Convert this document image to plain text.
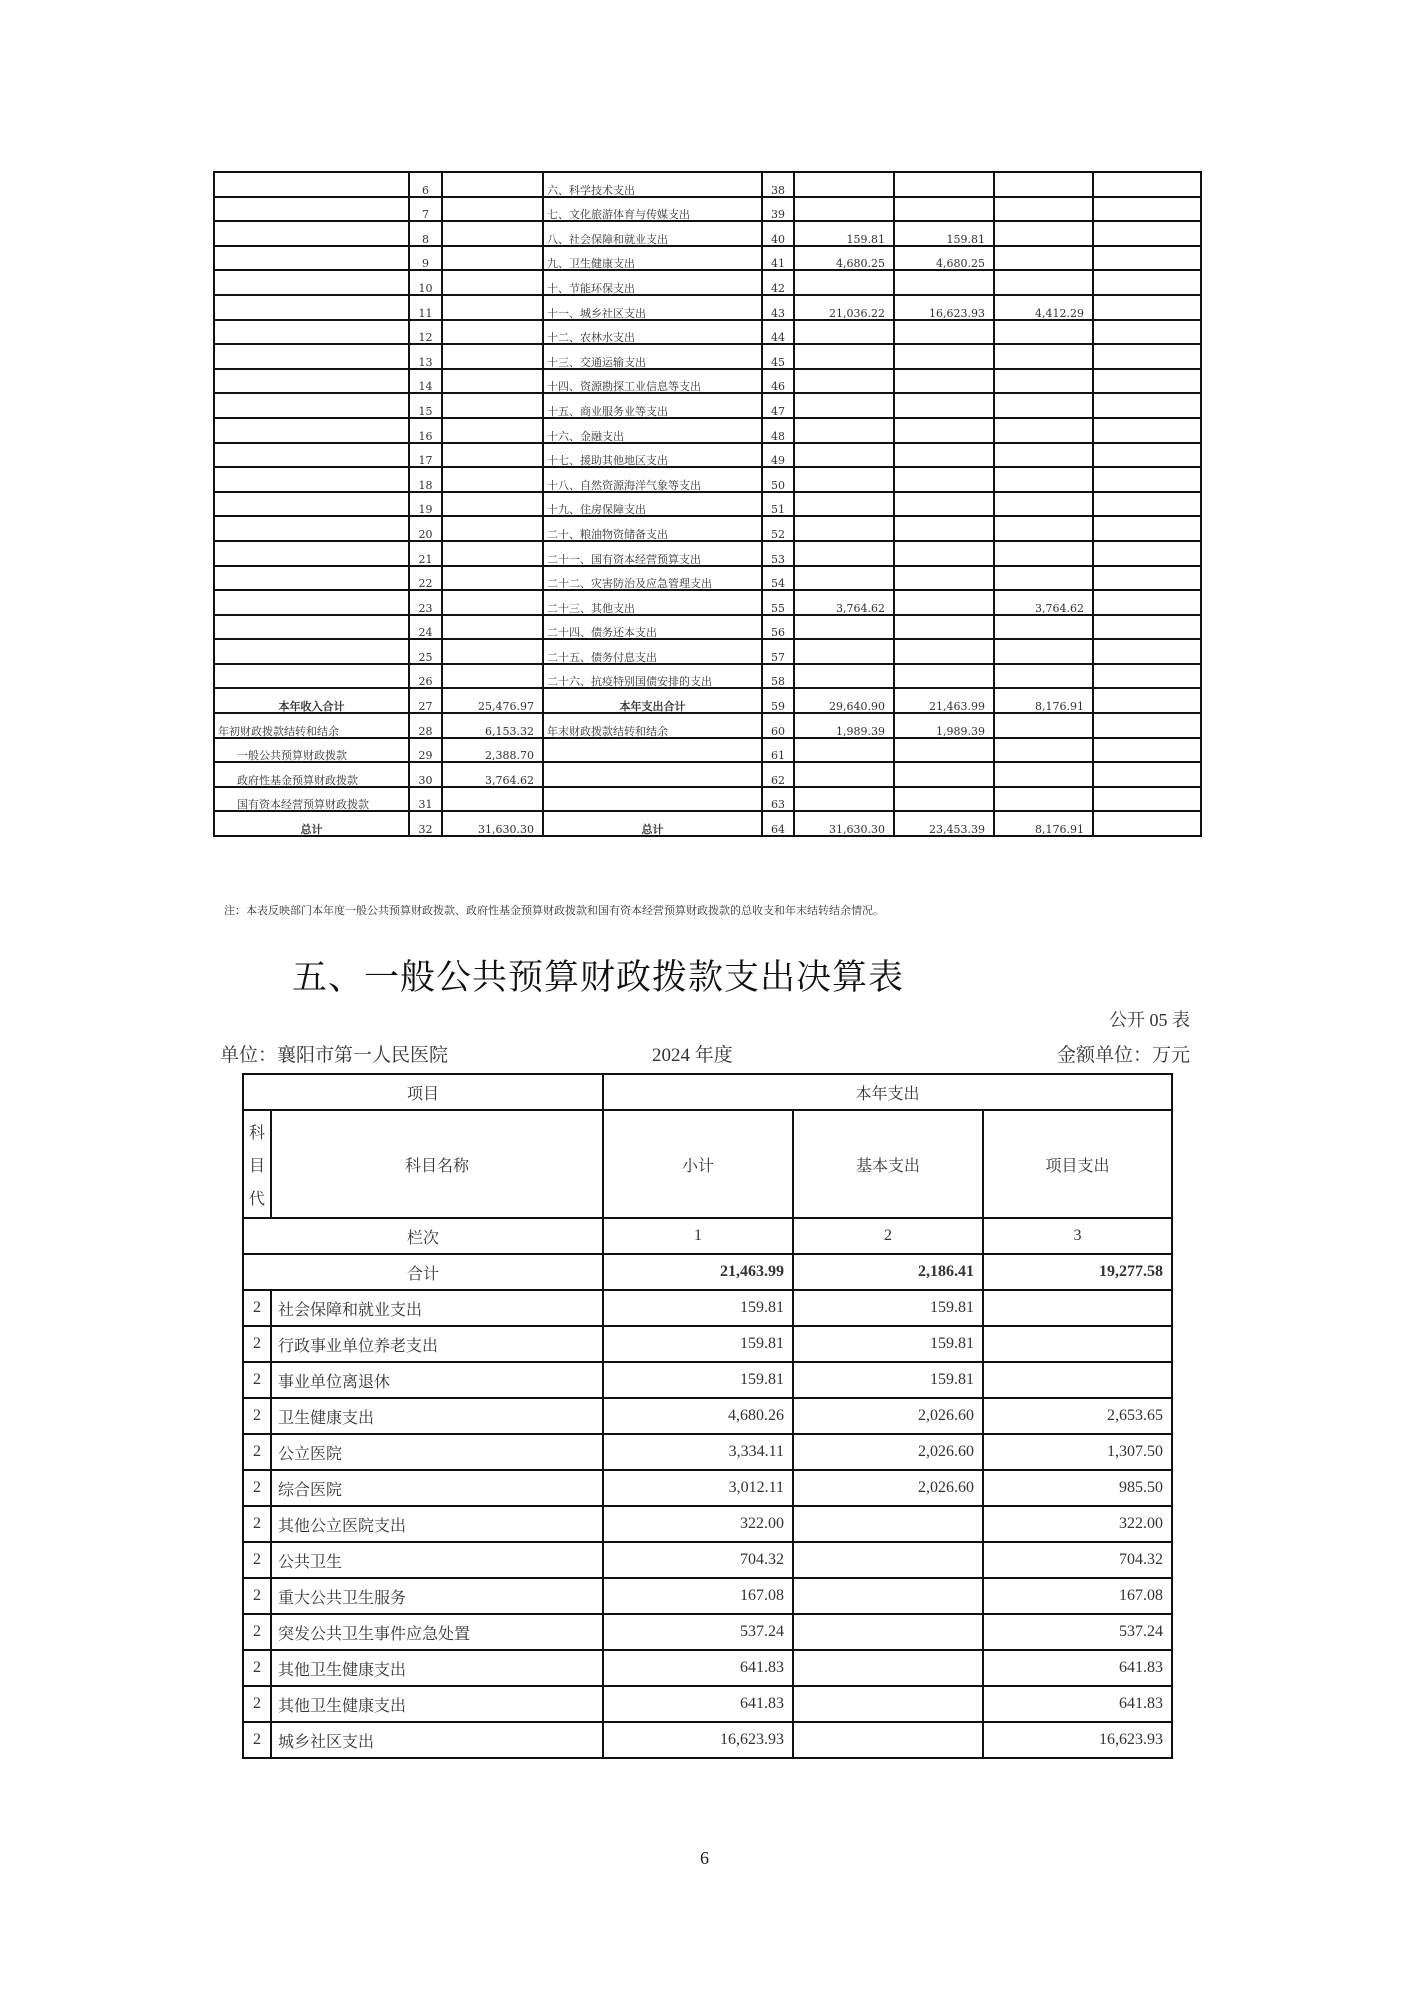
	6		六、科学技术支出	38				
	7		七、文化旅游体育与传媒支出	39				
	8		八、社会保障和就业支出	40	159.81	159.81		
	9		九、卫生健康支出	41	4,680.25	4,680.25		
	10		十、节能环保支出	42				
	11		十一、城乡社区支出	43	21,036.22	16,623.93	4,412.29	
	12		十二、农林水支出	44				
	13		十三、交通运输支出	45				
	14		十四、资源勘探工业信息等支出	46				
	15		十五、商业服务业等支出	47				
	16		十六、金融支出	48				
	17		十七、援助其他地区支出	49				
	18		十八、自然资源海洋气象等支出	50				
	19		十九、住房保障支出	51				
	20		二十、粮油物资储备支出	52				
	21		二十一、国有资本经营预算支出	53				
	22		二十二、灾害防治及应急管理支出	54				
	23		二十三、其他支出	55	3,764.62		3,764.62	
	24		二十四、债务还本支出	56				
	25		二十五、债务付息支出	57				
	26		二十六、抗疫特别国债安排的支出	58				
本年收入合计	27	25,476.97	本年支出合计	59	29,640.90	21,463.99	8,176.91	
年初财政拨款结转和结余	28	6,153.32	年末财政拨款结转和结余	60	1,989.39	1,989.39		
一般公共预算财政拨款	29	2,388.70		61				
政府性基金预算财政拨款	30	3,764.62		62				
国有资本经营预算财政拨款	31			63				
总计	32	31,630.30	总计	64	31,630.30	23,453.39	8,176.91	
注：本表反映部门本年度一般公共预算财政拨款、政府性基金预算财政拨款和国有资本经营预算财政拨款的总收支和年末结转结余情况。
五、一般公共预算财政拨款支出决算表
公开 05 表
单位：襄阳市第一人民医院	2024 年度	金额单位：万元
项目		本年支出		

科
目
代	科目名称	小计	基本支出	项目支出
栏次		1	2	3
合计		21,463.99	2,186.41	19,277.58
2	社会保障和就业支出	159.81	159.81	
2	行政事业单位养老支出	159.81	159.81	
2	事业单位离退休	159.81	159.81	
2	卫生健康支出	4,680.26	2,026.60	2,653.65
2	公立医院	3,334.11	2,026.60	1,307.50
2	综合医院	3,012.11	2,026.60	985.50
2	其他公立医院支出	322.00		322.00
2	公共卫生	704.32		704.32
2	重大公共卫生服务	167.08		167.08
2	突发公共卫生事件应急处置	537.24		537.24
2	其他卫生健康支出	641.83		641.83
2	其他卫生健康支出	641.83		641.83
2	城乡社区支出	16,623.93		16,623.93
6
